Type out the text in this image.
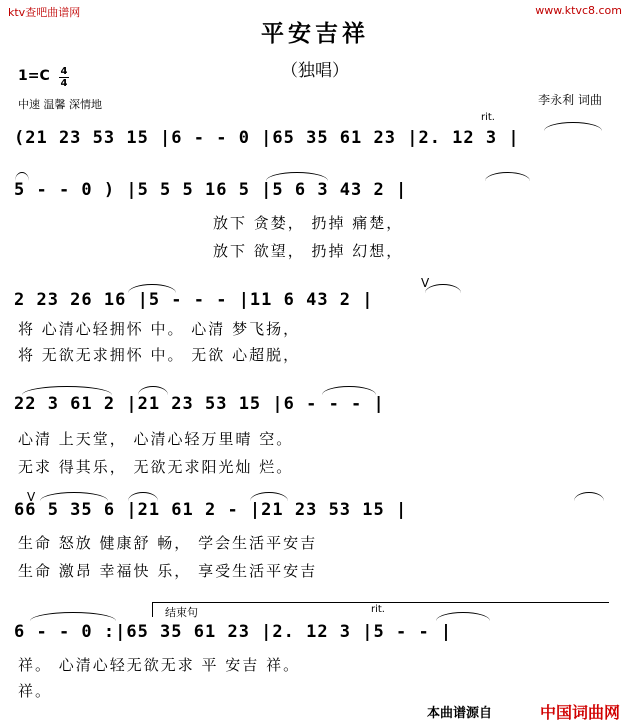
ktv查吧曲谱网	www.ktvc8.com
平安吉祥
（独唱）
1=C 4
4
中速 温馨 深情地	李永利 词曲
rit.
(21 23 53 15 |6 - - 0 |65 35 61 23 |2. 12 3 |
5 - - 0 ) |5 5 5 16 5 |5 6 3 43 2 |
放下 贪婪， 扔掉 痛楚，
放下 欲望， 扔掉 幻想，
V
2 23 26 16 |5 - - - |11 6 43 2 |
将 心清心轻拥怀 中。 心清 梦飞扬，
将 无欲无求拥怀 中。 无欲 心超脱，
22 3 61 2 |21 23 53 15 |6 - - - |
心清 上天堂， 心清心轻万里晴 空。
无求 得其乐， 无欲无求阳光灿 烂。
V
66 5 35 6 |21 61 2 - |21 23 53 15 |
生命 怒放 健康舒 畅， 学会生活平安吉
生命 激昂 幸福快 乐， 享受生活平安吉
结束句	rit.
6 - - 0 :|65 35 61 23 |2. 12 3 |5 - - |
祥。 心清心轻无欲无求 平 安吉 祥。
祥。
本曲谱源自	中国词曲网
